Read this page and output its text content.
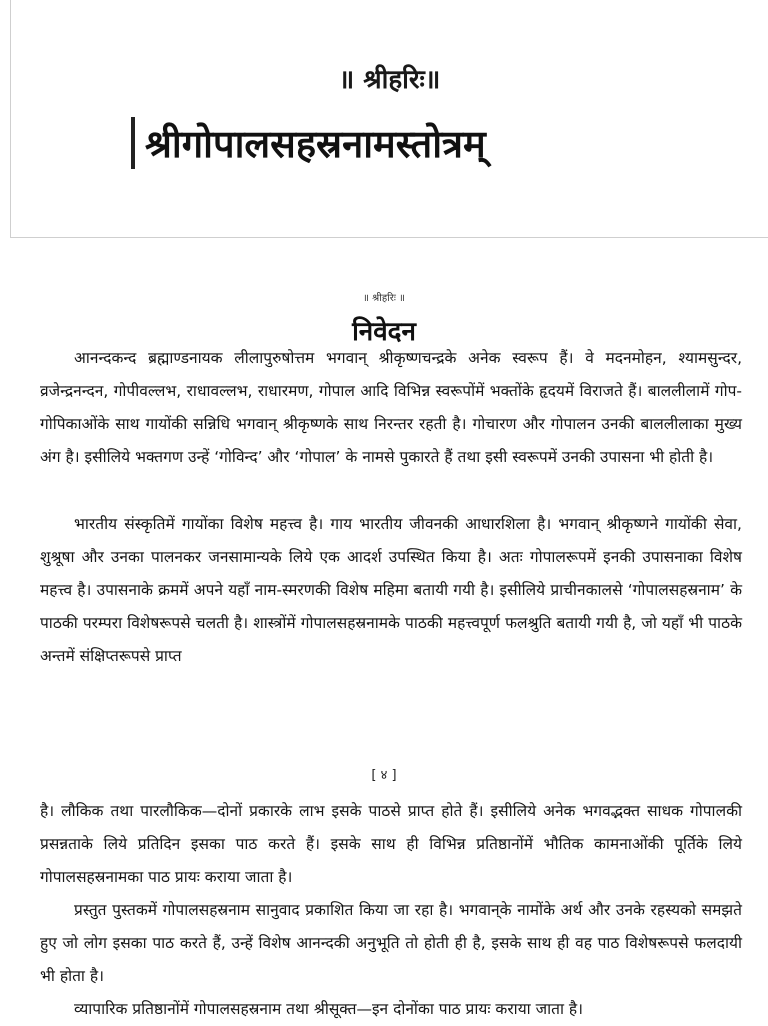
॥ श्रीहरिः॥
श्रीगोपालसहस्रनामस्तोत्रम्
॥ श्रीहरिः ॥
निवेदन
आनन्दकन्द ब्रह्माण्डनायक लीलापुरुषोत्तम भगवान् श्रीकृष्णचन्द्रके अनेक स्वरूप हैं। वे मदनमोहन, श्यामसुन्दर, व्रजेन्द्रनन्दन, गोपीवल्लभ, राधावल्लभ, राधारमण, गोपाल आदि विभिन्न स्वरूपोंमें भक्तोंके हृदयमें विराजते हैं। बाललीलामें गोप-गोपिकाओंके साथ गायोंकी सन्निधि भगवान् श्रीकृष्णके साथ निरन्तर रहती है। गोचारण और गोपालन उनकी बाललीलाका मुख्य अंग है। इसीलिये भक्तगण उन्हें ‘गोविन्द’ और ‘गोपाल’ के नामसे पुकारते हैं तथा इसी स्वरूपमें उनकी उपासना भी होती है।
भारतीय संस्कृतिमें गायोंका विशेष महत्त्व है। गाय भारतीय जीवनकी आधारशिला है। भगवान् श्रीकृष्णने गायोंकी सेवा, शुश्रूषा और उनका पालनकर जनसामान्यके लिये एक आदर्श उपस्थित किया है। अतः गोपालरूपमें इनकी उपासनाका विशेष महत्त्व है। उपासनाके क्रममें अपने यहाँ नाम-स्मरणकी विशेष महिमा बतायी गयी है। इसीलिये प्राचीनकालसे ‘गोपालसहस्रनाम’ के पाठकी परम्परा विशेषरूपसे चलती है। शास्त्रोंमें गोपालसहस्रनामके पाठकी महत्त्वपूर्ण फलश्रुति बतायी गयी है, जो यहाँ भी पाठके अन्तमें संक्षिप्तरूपसे प्राप्त
[ ४ ]
है। लौकिक तथा पारलौकिक—दोनों प्रकारके लाभ इसके पाठसे प्राप्त होते हैं। इसीलिये अनेक भगवद्भक्त साधक गोपालकी प्रसन्नताके लिये प्रतिदिन इसका पाठ करते हैं। इसके साथ ही विभिन्न प्रतिष्ठानोंमें भौतिक कामनाओंकी पूर्तिके लिये गोपालसहस्रनामका पाठ प्रायः कराया जाता है।
प्रस्तुत पुस्तकमें गोपालसहस्रनाम सानुवाद प्रकाशित किया जा रहा है। भगवान्‌के नामोंके अर्थ और उनके रहस्यको समझते हुए जो लोग इसका पाठ करते हैं, उन्हें विशेष आनन्दकी अनुभूति तो होती ही है, इसके साथ ही वह पाठ विशेषरूपसे फलदायी भी होता है।
व्यापारिक प्रतिष्ठानोंमें गोपालसहस्रनाम तथा श्रीसूक्त—इन दोनोंका पाठ प्रायः कराया जाता है।
